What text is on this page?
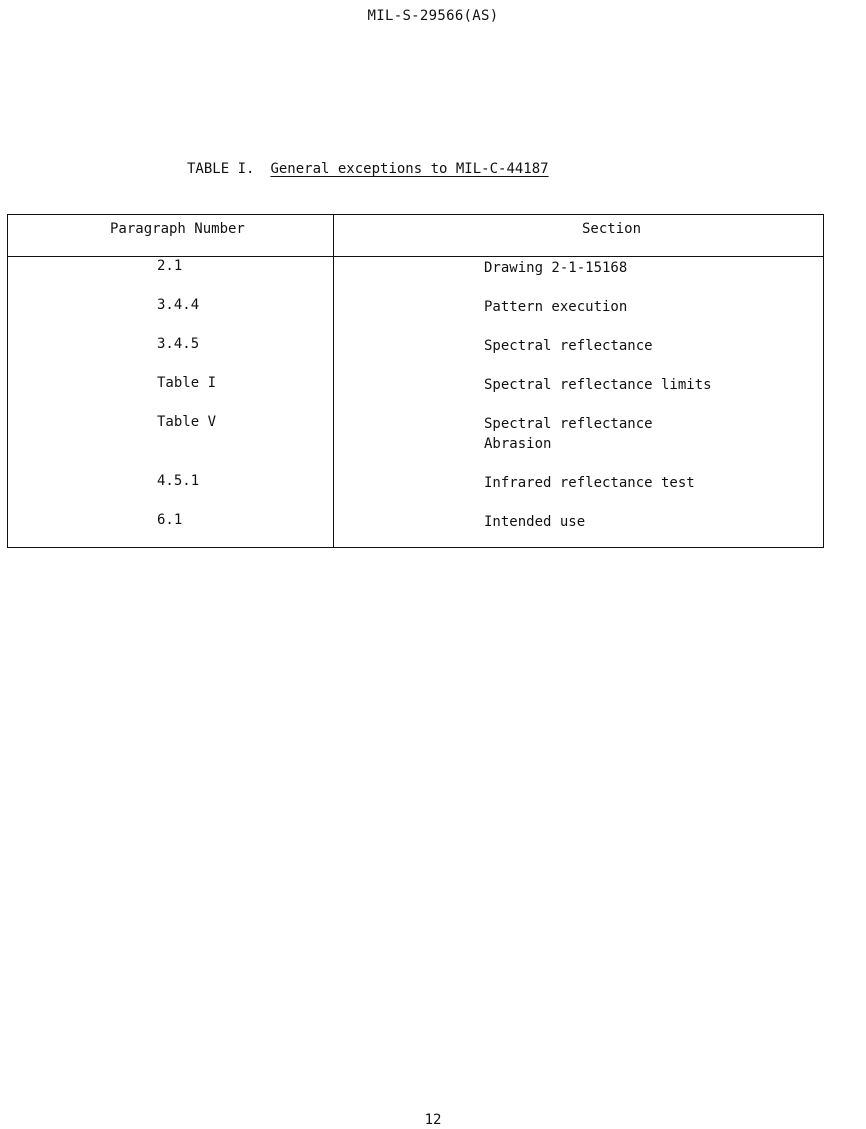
MIL-S-29566(AS)
TABLE I. General exceptions to MIL-C-44187
Paragraph Number	Section
2.1	Drawing 2-1-15168
3.4.4	Pattern execution
3.4.5	Spectral reflectance
Table I	Spectral reflectance limits
Table V	Spectral reflectance
Abrasion
4.5.1	Infrared reflectance test
6.1	Intended use
12
